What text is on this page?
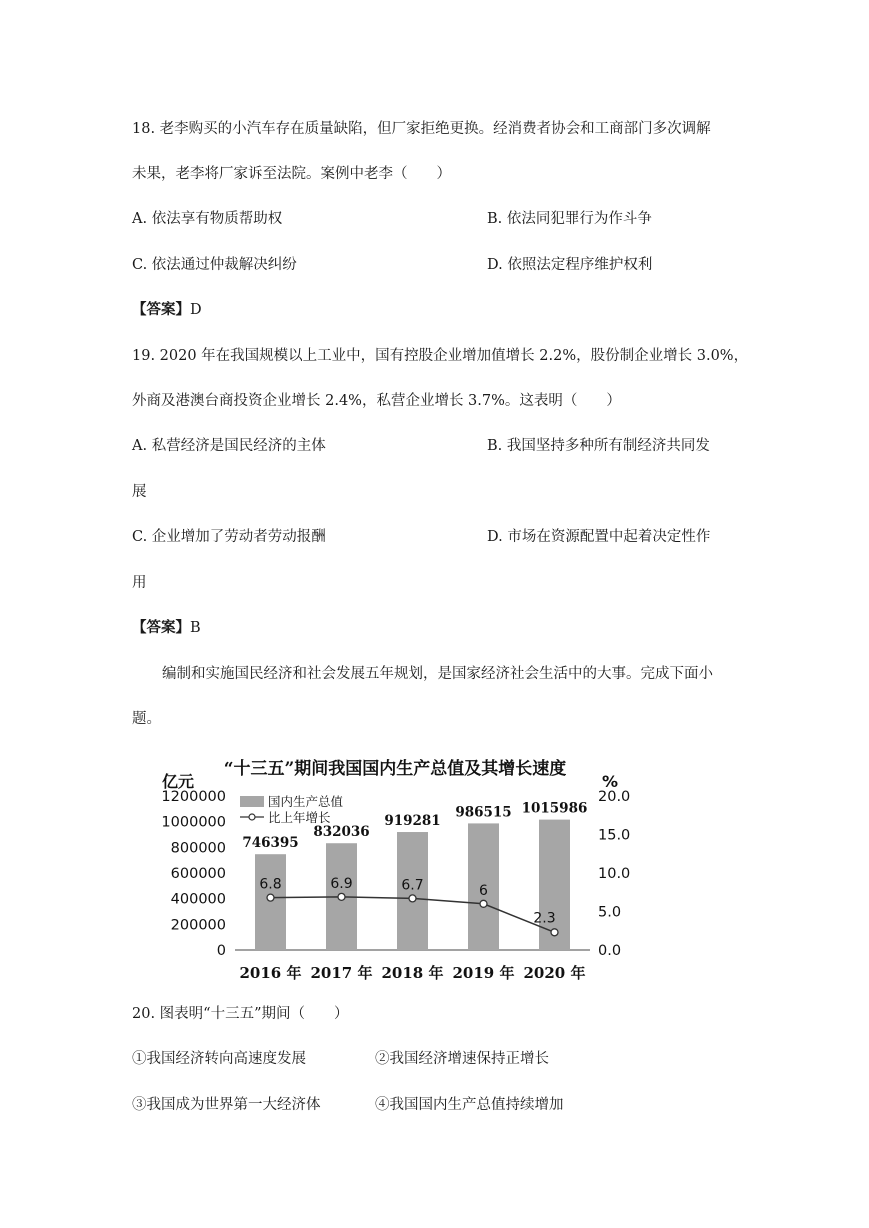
18. 老李购买的小汽车存在质量缺陷，但厂家拒绝更换。经消费者协会和工商部门多次调解
未果，老李将厂家诉至法院。案例中老李（　　）
A. 依法享有物质帮助权	B. 依法同犯罪行为作斗争
C. 依法通过仲裁解决纠纷	D. 依照法定程序维护权利
【答案】D
19. 2020 年在我国规模以上工业中，国有控股企业增加值增长 2.2%，股份制企业增长 3.0%，
外商及港澳台商投资企业增长 2.4%，私营企业增长 3.7%。这表明（　　）
A. 私营经济是国民经济的主体	B. 我国坚持多种所有制经济共同发
展
C. 企业增加了劳动者劳动报酬	D. 市场在资源配置中起着决定性作
用
【答案】B
编制和实施国民经济和社会发展五年规划，是国家经济社会生活中的大事。完成下面小
题。
“十三五”期间我国国内生产总值及其增长速度
亿元	%
1200000
1000000
800000
600000
400000
200000
0
20.0
15.0
10.0
5.0
0.0
746395
832036
919281
986515 1015986
6.8	6.9	6.7	6
2.3
2016 年 2017 年 2018 年 2019 年 2020 年
国内生产总值
比上年增长
20. 图表明“十三五”期间（　　）
①我国经济转向高速度发展	②我国经济增速保持正增长
③我国成为世界第一大经济体	④我国国内生产总值持续增加
